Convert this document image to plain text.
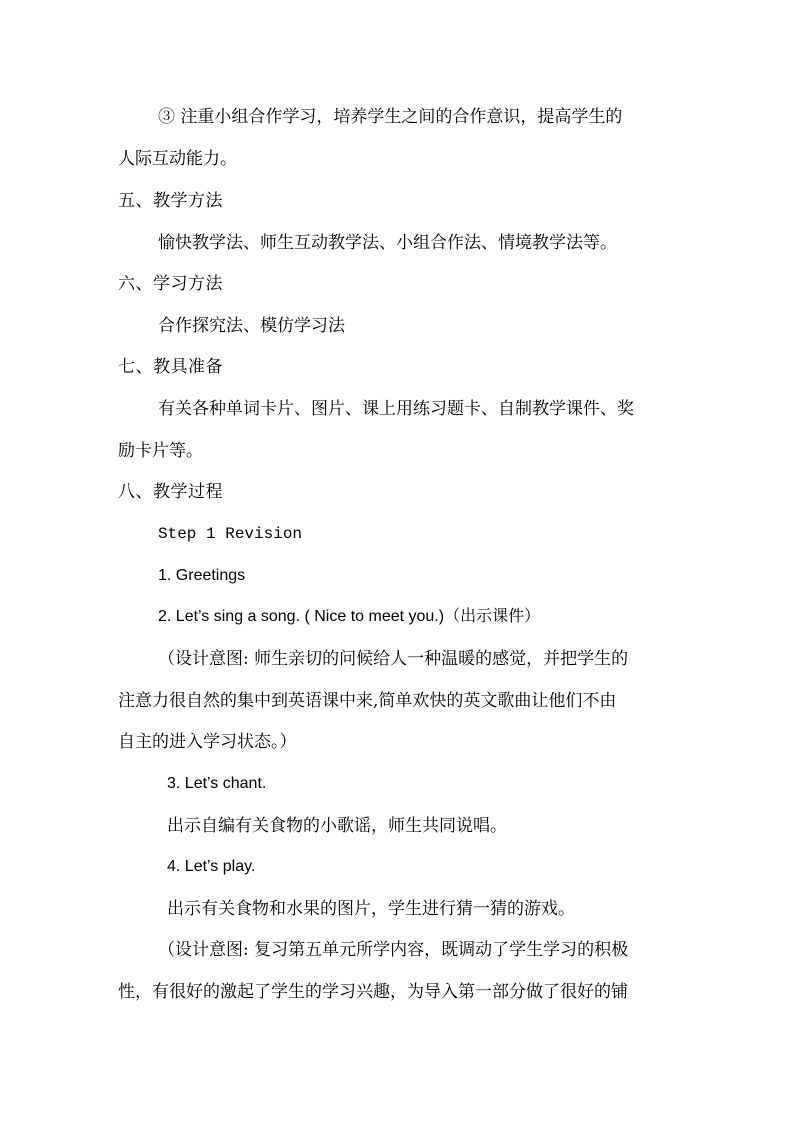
③ 注重小组合作学习，培养学生之间的合作意识，提高学生的
人际互动能力。
五、教学方法
愉快教学法、师生互动教学法、小组合作法、情境教学法等。
六、学习方法
合作探究法、模仿学习法
七、教具准备
有关各种单词卡片、图片、课上用练习题卡、自制教学课件、奖
励卡片等。
八、教学过程
Step 1 Revision
1. Greetings
2. Let’s sing a song. ( Nice to meet you.)（出示课件）
（设计意图: 师生亲切的问候给人一种温暖的感觉，并把学生的
注意力很自然的集中到英语课中来,简单欢快的英文歌曲让他们不由
自主的进入学习状态。）
3. Let’s chant.
出示自编有关食物的小歌谣，师生共同说唱。
4. Let’s play.
出示有关食物和水果的图片，学生进行猜一猜的游戏。
（设计意图: 复习第五单元所学内容，既调动了学生学习的积极
性，有很好的激起了学生的学习兴趣，为导入第一部分做了很好的铺
